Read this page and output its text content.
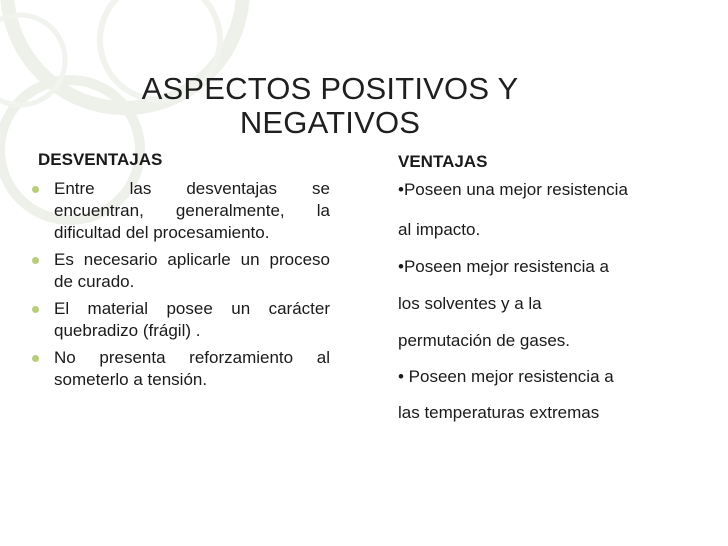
ASPECTOS POSITIVOS Y
NEGATIVOS
DESVENTAJAS
Entre las desventajas se encuentran, generalmente, la dificultad del procesamiento.
Es necesario aplicarle un proceso de curado.
El material posee un carácter quebradizo (frágil) .
No presenta reforzamiento al someterlo a tensión.
VENTAJAS
•Poseen una mejor resistencia
al impacto.
•Poseen mejor resistencia a
los solventes y a la
permutación de gases.
• Poseen mejor resistencia a
las temperaturas extremas
